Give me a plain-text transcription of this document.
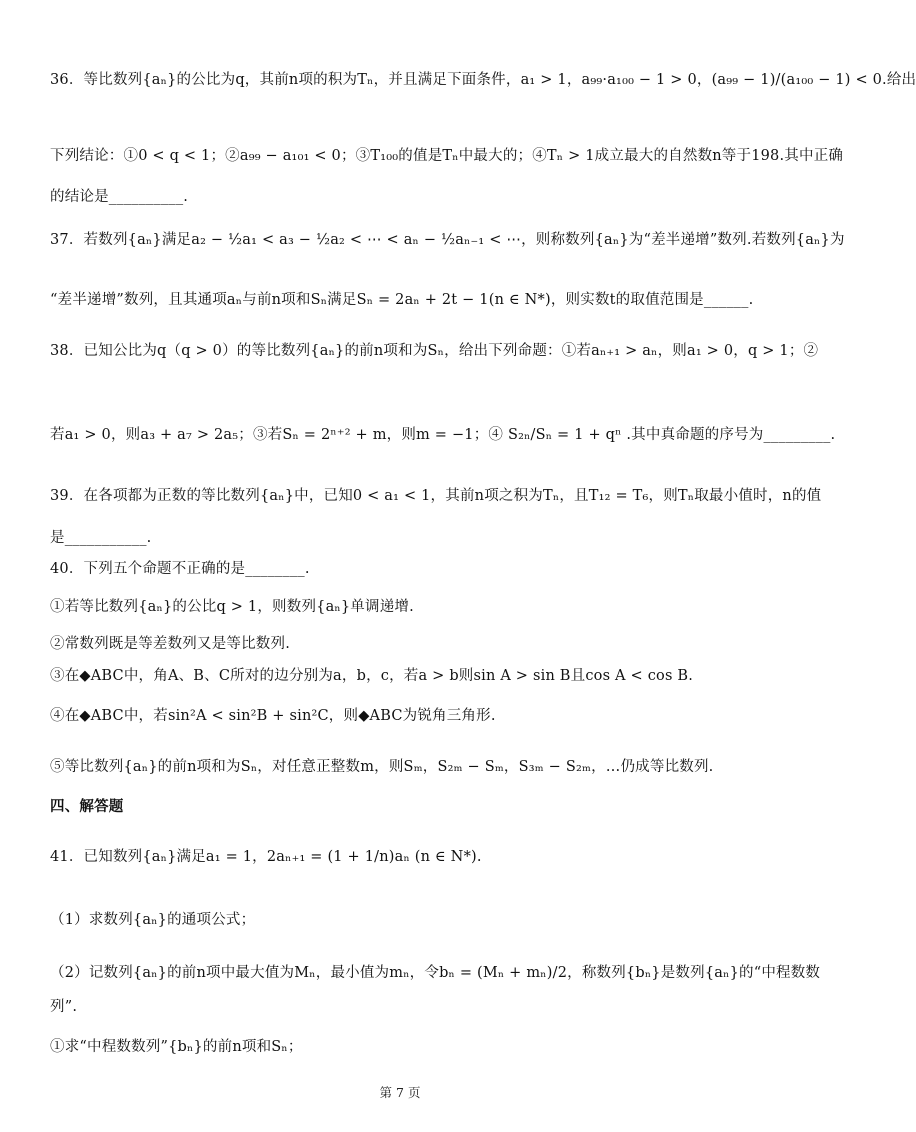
36．等比数列{aₙ}的公比为q，其前n项的积为Tₙ，并且满足下面条件，a₁ > 1，a₉₉·a₁₀₀ − 1 > 0，(a₉₉ − 1)/(a₁₀₀ − 1) < 0.给出
下列结论：①0 < q < 1；②a₉₉ − a₁₀₁ < 0；③T₁₀₀的值是Tₙ中最大的；④Tₙ > 1成立最大的自然数n等于198.其中正确
的结论是__________.
37．若数列{aₙ}满足a₂ − ½a₁ < a₃ − ½a₂ < ⋯ < aₙ − ½aₙ₋₁ < ⋯，则称数列{aₙ}为“差半递增”数列.若数列{aₙ}为
“差半递增”数列，且其通项aₙ与前n项和Sₙ满足Sₙ = 2aₙ + 2t − 1(n ∈ N*)，则实数t的取值范围是______.
38．已知公比为q（q > 0）的等比数列{aₙ}的前n项和为Sₙ，给出下列命题：①若aₙ₊₁ > aₙ，则a₁ > 0，q > 1；②
若a₁ > 0，则a₃ + a₇ > 2a₅；③若Sₙ = 2ⁿ⁺² + m，则m = −1；④ S₂ₙ/Sₙ = 1 + qⁿ .其中真命题的序号为_________.
39．在各项都为正数的等比数列{aₙ}中，已知0 < a₁ < 1，其前n项之积为Tₙ，且T₁₂ = T₆，则Tₙ取最小值时，n的值
是___________.
40．下列五个命题不正确的是________.
①若等比数列{aₙ}的公比q > 1，则数列{aₙ}单调递增.
②常数列既是等差数列又是等比数列.
③在◆ABC中，角A、B、C所对的边分别为a，b，c，若a > b则sin A > sin B且cos A < cos B.
④在◆ABC中，若sin²A < sin²B + sin²C，则◆ABC为锐角三角形.
⑤等比数列{aₙ}的前n项和为Sₙ，对任意正整数m，则Sₘ，S₂ₘ − Sₘ，S₃ₘ − S₂ₘ，…仍成等比数列.
四、解答题
41．已知数列{aₙ}满足a₁ = 1，2aₙ₊₁ = (1 + 1/n)aₙ (n ∈ N*).
（1）求数列{aₙ}的通项公式；
（2）记数列{aₙ}的前n项中最大值为Mₙ，最小值为mₙ，令bₙ = (Mₙ + mₙ)/2，称数列{bₙ}是数列{aₙ}的“中程数数
列”.
①求“中程数数列”{bₙ}的前n项和Sₙ；
第 7 页
